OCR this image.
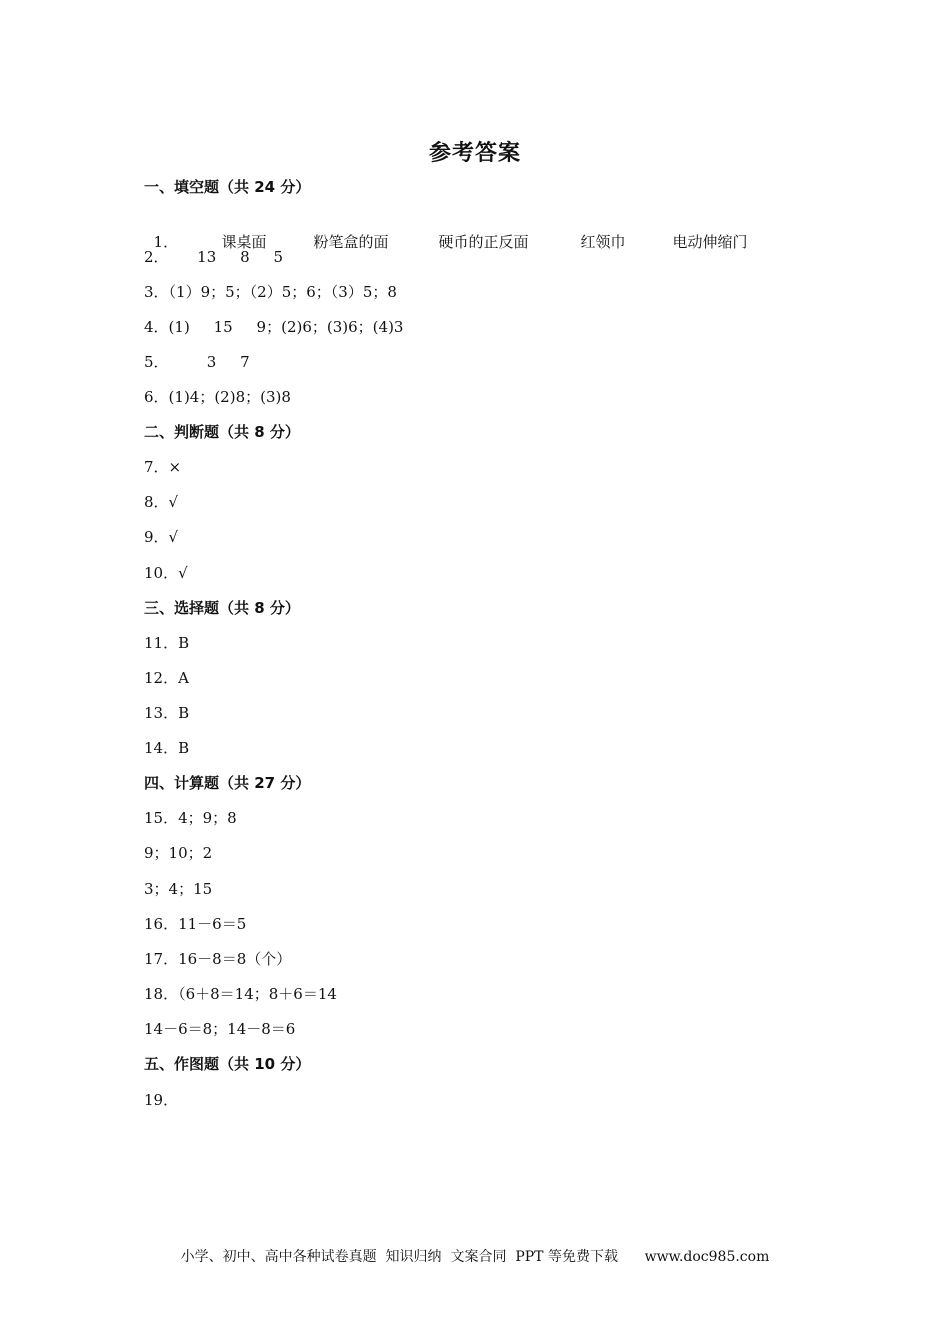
参考答案
一、填空题（共 24 分）

1．	课桌面	粉笔盒的面	硬币的正反面	红领巾	电动伸缩门

2．      13     8     5
3．（1）9；5；（2）5；6；（3）5；8
4．(1)     15     9；(2)6；(3)6；(4)3
5．        3     7
6．(1)4；(2)8；(3)8
二、判断题（共 8 分）
7．×
8．√
9．√
10．√
三、选择题（共 8 分）
11．B
12．A
13．B
14．B
四、计算题（共 27 分）
15．4；9；8
9；10；2
3；4；15
16．11－6＝5
17．16－8＝8（个）
18．（6＋8＝14；8＋6＝14
14－6＝8；14－8＝6
五、作图题（共 10 分）
19．
小学、初中、高中各种试卷真题  知识归纳  文案合同  PPT 等免费下载      www.doc985.com
